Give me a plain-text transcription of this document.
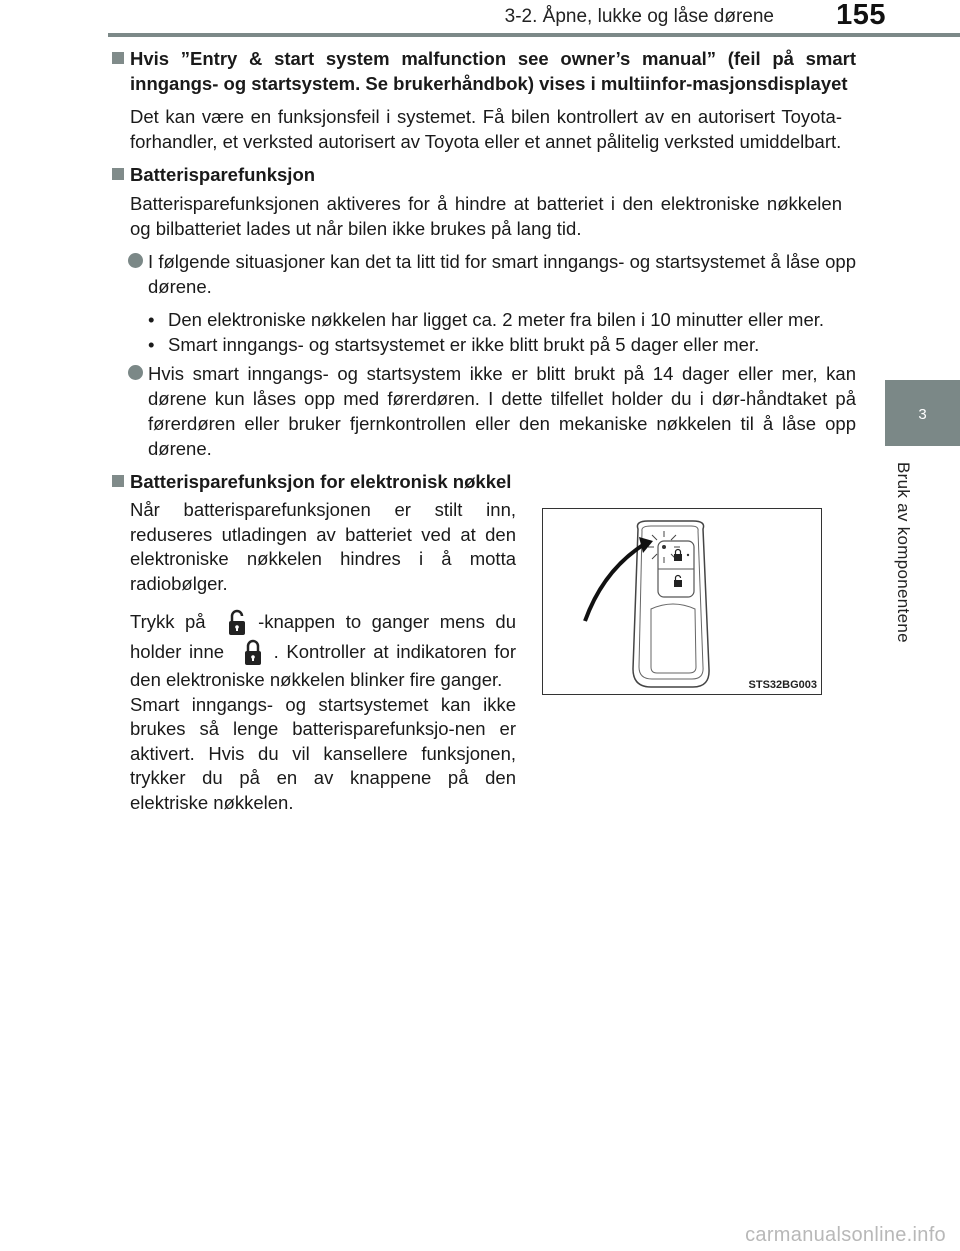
3-2. Åpne, lukke og låse dørene 155
3
Bruk av komponentene
Hvis ”Entry & start system malfunction see owner’s manual” (feil på smart inngangs- og startsystem. Se brukerhåndbok) vises i multiinfor-masjonsdisplayet
Det kan være en funksjonsfeil i systemet. Få bilen kontrollert av en autorisert Toyota-forhandler, et verksted autorisert av Toyota eller et annet pålitelig verksted umiddelbart.
Batterisparefunksjon
Batterisparefunksjonen aktiveres for å hindre at batteriet i den elektroniske nøkkelen og bilbatteriet lades ut når bilen ikke brukes på lang tid.
I følgende situasjoner kan det ta litt tid for smart inngangs- og startsystemet å låse opp dørene.
• Den elektroniske nøkkelen har ligget ca. 2 meter fra bilen i 10 minutter eller mer.
• Smart inngangs- og startsystemet er ikke blitt brukt på 5 dager eller mer.
Hvis smart inngangs- og startsystem ikke er blitt brukt på 14 dager eller mer, kan dørene kun låses opp med førerdøren. I dette tilfellet holder du i dør-håndtaket på førerdøren eller bruker fjernkontrollen eller den mekaniske nøkkelen til å låse opp dørene.
Batterisparefunksjon for elektronisk nøkkel

Når batterisparefunksjonen er stilt inn, reduseres utladingen av batteriet ved at den elektroniske nøkkelen hindres i å motta radiobølger.

Trykk på	-knappen to ganger mens du holder inne	. Kontroller at indikatoren for den elektroniske nøkkelen blinker fire ganger.
Smart inngangs- og startsystemet kan ikke brukes så lenge batterisparefunksjo-nen er aktivert. Hvis du vil kansellere funksjonen, trykker du på en av knappene på den elektriske nøkkelen.

STS32BG003
carmanualsonline.info
